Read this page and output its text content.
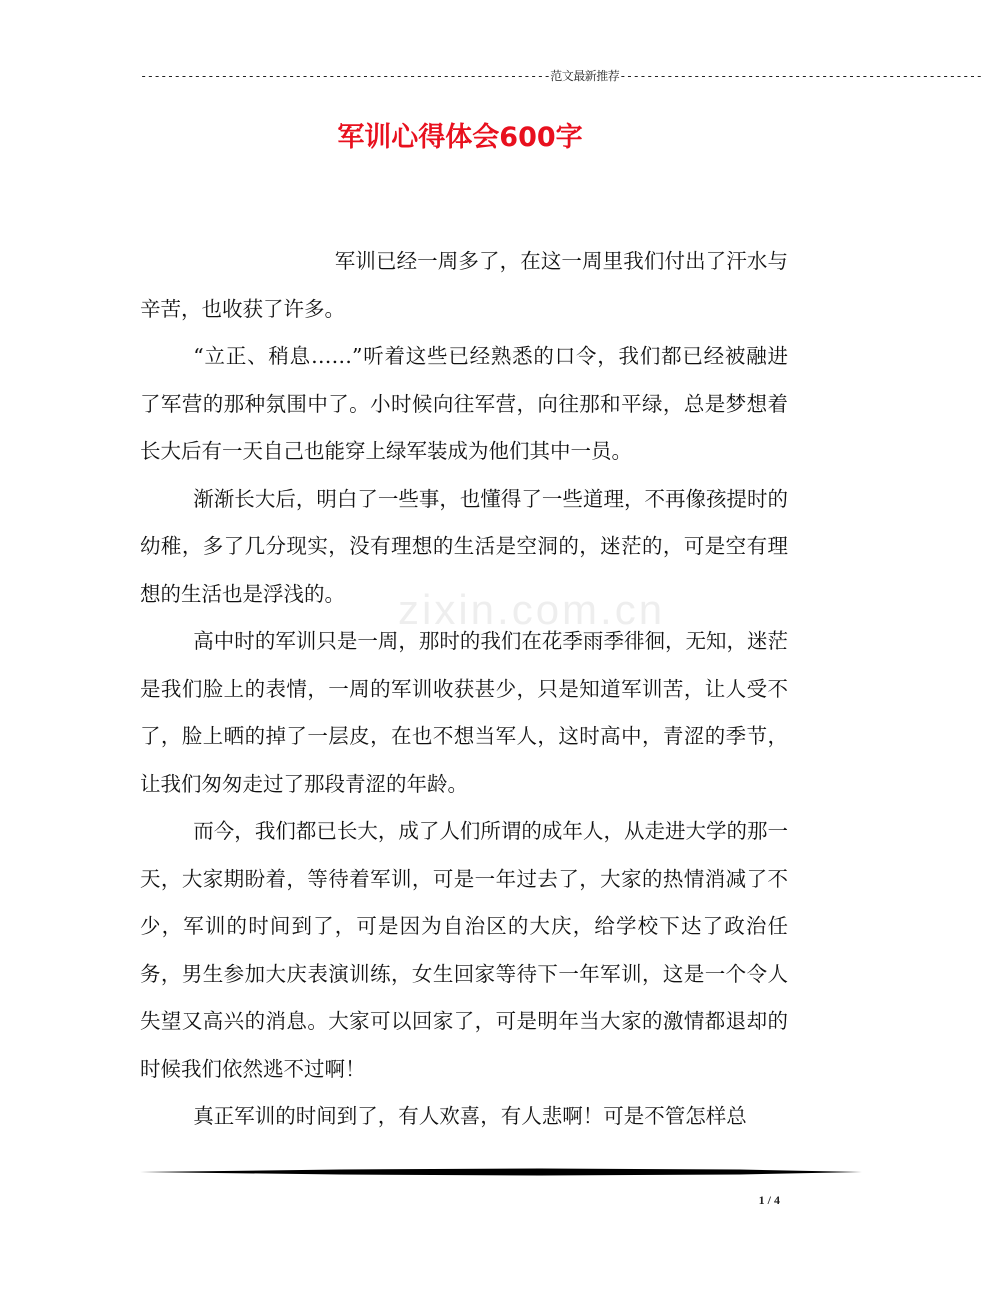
-------------------------------------------------------------范文最新推荐------------------------------------------------------
军训心得体会600字

军训已经一周多了，在这一周里我们付出了汗水与辛苦，也收获了许多。

“立正、稍息……”听着这些已经熟悉的口令，我们都已经被融进了军营的那种氛围中了。小时候向往军营，向往那和平绿，总是梦想着长大后有一天自己也能穿上绿军装成为他们其中一员。

渐渐长大后，明白了一些事，也懂得了一些道理，不再像孩提时的幼稚，多了几分现实，没有理想的生活是空洞的，迷茫的，可是空有理想的生活也是浮浅的。

高中时的军训只是一周，那时的我们在花季雨季徘徊，无知，迷茫是我们脸上的表情，一周的军训收获甚少，只是知道军训苦，让人受不了，脸上晒的掉了一层皮，在也不想当军人，这时高中，青涩的季节，让我们匆匆走过了那段青涩的年龄。

而今，我们都已长大，成了人们所谓的成年人，从走进大学的那一天，大家期盼着，等待着军训，可是一年过去了，大家的热情消减了不少，军训的时间到了，可是因为自治区的大庆，给学校下达了政治任务，男生参加大庆表演训练，女生回家等待下一年军训，这是一个令人失望又高兴的消息。大家可以回家了，可是明年当大家的激情都退却的时候我们依然逃不过啊！

真正军训的时间到了，有人欢喜，有人悲啊！可是不管怎样总

zixin.com.cn
1 / 4
